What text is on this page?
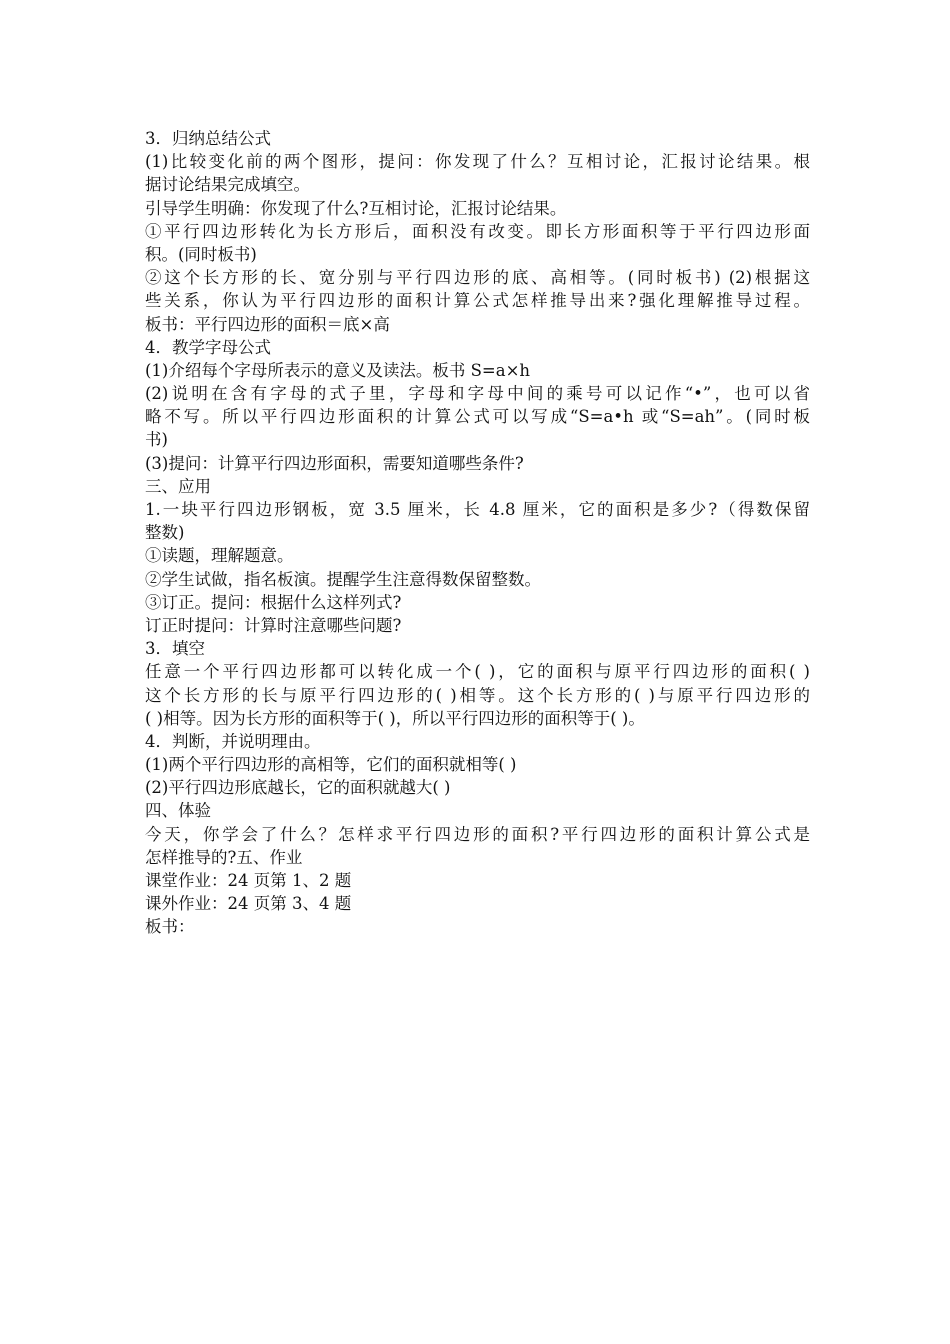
3．归纳总结公式
(1)比较变化前的两个图形，提问：你发现了什么？互相讨论，汇报讨论结果。根
据讨论结果完成填空。
引导学生明确：你发现了什么?互相讨论，汇报讨论结果。
①平行四边形转化为长方形后，面积没有改变。即长方形面积等于平行四边形面
积。(同时板书)
②这个长方形的长、宽分别与平行四边形的底、高相等。(同时板书) (2)根据这
些关系，你认为平行四边形的面积计算公式怎样推导出来?强化理解推导过程。
板书：平行四边形的面积＝底×高
4．教学字母公式
(1)介绍每个字母所表示的意义及读法。板书 S=a×h
(2)说明在含有字母的式子里，字母和字母中间的乘号可以记作“•”，也可以省
略不写。所以平行四边形面积的计算公式可以写成“S=a•h 或“S=ah”。(同时板
书)
(3)提问：计算平行四边形面积，需要知道哪些条件?
三、应用
1.一块平行四边形钢板，宽 3.5 厘米，长 4.8 厘米，它的面积是多少?（得数保留
整数)
①读题，理解题意。
②学生试做，指名板演。提醒学生注意得数保留整数。
③订正。提问：根据什么这样列式?
订正时提问：计算时注意哪些问题?
3．填空
任意一个平行四边形都可以转化成一个( )，它的面积与原平行四边形的面积( )
这个长方形的长与原平行四边形的( )相等。这个长方形的( )与原平行四边形的
( )相等。因为长方形的面积等于( )，所以平行四边形的面积等于( )。
4．判断，并说明理由。
(1)两个平行四边形的高相等，它们的面积就相等( )
(2)平行四边形底越长，它的面积就越大( )
四、体验
今天，你学会了什么？怎样求平行四边形的面积?平行四边形的面积计算公式是
怎样推导的?五、作业
课堂作业：24 页第 1、2 题
课外作业：24 页第 3、4 题
板书：
